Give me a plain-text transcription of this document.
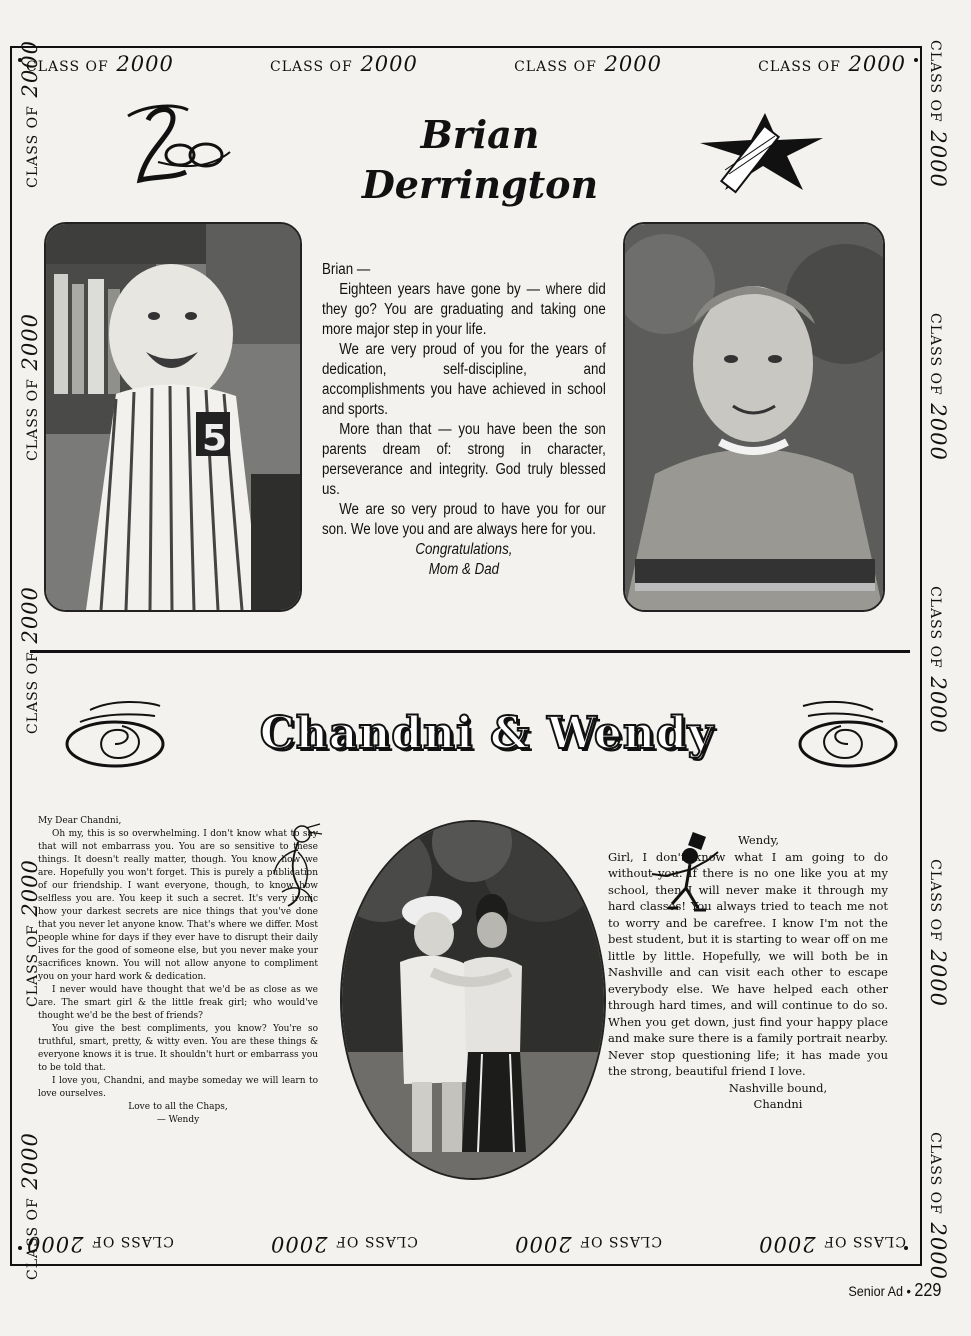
CLASS OF 2000	CLASS OF 2000	CLASS OF 2000	CLASS OF 2000
CLASS OF 2000
CLASS OF 2000
CLASS OF 2000
CLASS OF 2000
CLASS OF 2000
CLASS OF 2000
CLASS OF 2000
CLASS OF 2000
CLASS OF 2000	CLASS OF 2000
CLASS OF 2000
CLASS OF 2000
CLASS OF 2000
CLASS OF 2000
Brian
Derrington
5

Brian —

Eighteen years have gone by — where did they go? You are graduating and taking one more major step in your life.

We are very proud of you for the years of dedication, self-discipline, and accomplishments you have achieved in school and sports.

More than that — you have been the son parents dream of: strong in character, perseverance and integrity. God truly blessed us.

We are so very proud to have you for our son. We love you and are always here for you.

Congratulations,

Mom & Dad

Chandni & Wendy

My Dear Chandni,

Oh my, this is so overwhelming. I don't know what to say that will not embarrass you. You are so sensitive to these things. It doesn't really matter, though. You know how we are. Hopefully you won't forget. This is purely a publication of our friendship. I want everyone, though, to know how selfless you are. You keep it such a secret. It's very ironic how your darkest secrets are nice things that you've done that you never let anyone know. That's where we differ. Most people whine for days if they ever have to disrupt their daily lives for the good of someone else, but you never make your sacrifices known. You will not allow anyone to compliment you on your hard work & dedication.

I never would have thought that we'd be as close as we are. The smart girl & the little freak girl; who would've thought we'd be the best of friends?

You give the best compliments, you know? You're so truthful, smart, pretty, & witty even. You are these things & everyone knows it is true. It shouldn't hurt or embarrass you to be told that.

I love you, Chandni, and maybe someday we will learn to love ourselves.

Love to all the Chaps,

— Wendy

Wendy,

Girl, I don't know what I am going to do without you. If there is no one like you at my school, then I will never make it through my hard classes! You always tried to teach me not to worry and be carefree. I know I'm not the best student, but it is starting to wear off on me little by little. Hopefully, we will both be in Nashville and can visit each other to escape everybody else. We have helped each other through hard times, and will continue to do so. When you get down, just find your happy place and make sure there is a family portrait nearby. Never stop questioning life; it has made you the strong, beautiful friend I love.

Nashville bound,

Chandni

Senior Ad • 229
